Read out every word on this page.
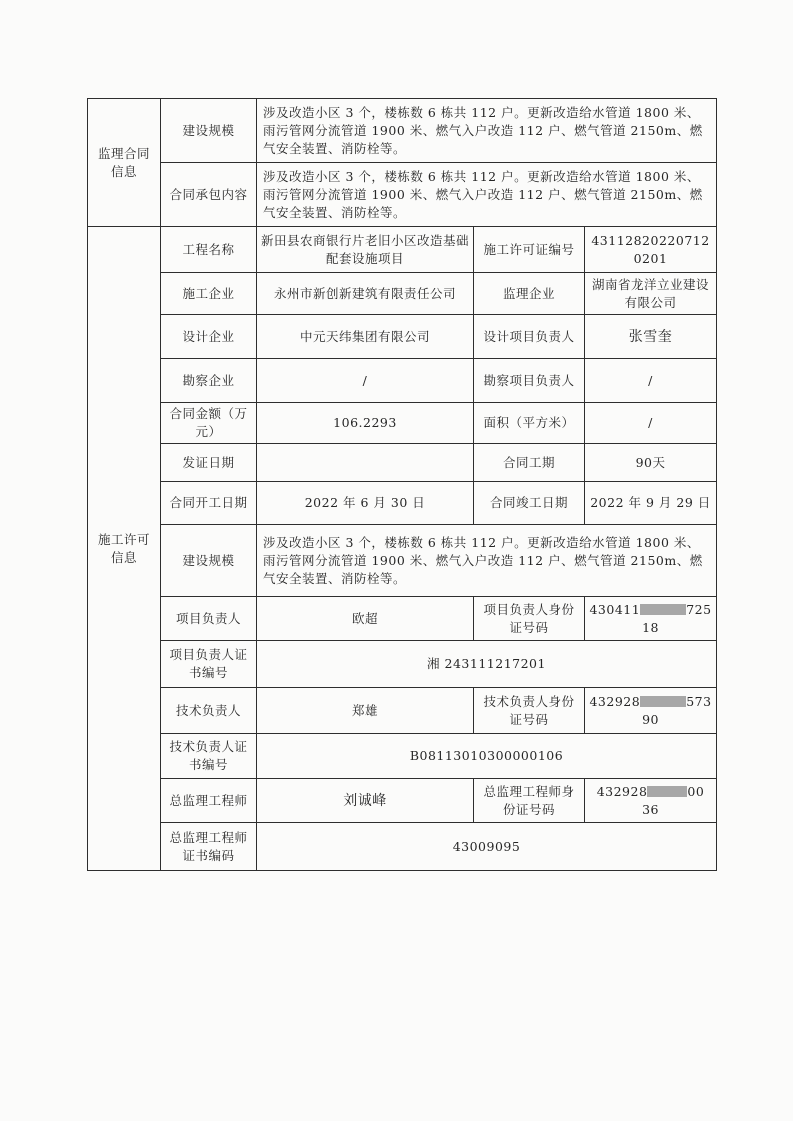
监理合同信息	建设规模	涉及改造小区 3 个，楼栋数 6 栋共 112 户。更新改造给水管道 1800 米、雨污管网分流管道 1900 米、燃气入户改造 112 户、燃气管道 2150m、燃气安全装置、消防栓等。		
	合同承包内容	涉及改造小区 3 个，楼栋数 6 栋共 112 户。更新改造给水管道 1800 米、雨污管网分流管道 1900 米、燃气入户改造 112 户、燃气管道 2150m、燃气安全装置、消防栓等。		
施工许可信息	工程名称	新田县农商银行片老旧小区改造基础配套设施项目	施工许可证编号	431128202207120201
	施工企业	永州市新创新建筑有限责任公司	监理企业	湖南省龙洋立业建设有限公司
	设计企业	中元天纬集团有限公司	设计项目负责人	张雪奎
	勘察企业	/	勘察项目负责人	/
	合同金额（万元）	106.2293	面积（平方米）	/
	发证日期		合同工期	90天
	合同开工日期	2022 年 6 月 30 日	合同竣工日期	2022 年 9 月 29 日
	建设规模	涉及改造小区 3 个，楼栋数 6 栋共 112 户。更新改造给水管道 1800 米、雨污管网分流管道 1900 米、燃气入户改造 112 户、燃气管道 2150m、燃气安全装置、消防栓等。		
	项目负责人	欧超	项目负责人身份证号码	430411 725
18
	项目负责人证书编号	湘 243111217201		
	技术负责人	郑雄	技术负责人身份证号码	432928 573
90
	技术负责人证书编号	B08113010300000106		
	总监理工程师	刘诚峰	总监理工程师身份证号码	432928 00
36
	总监理工程师证书编码	43009095		
